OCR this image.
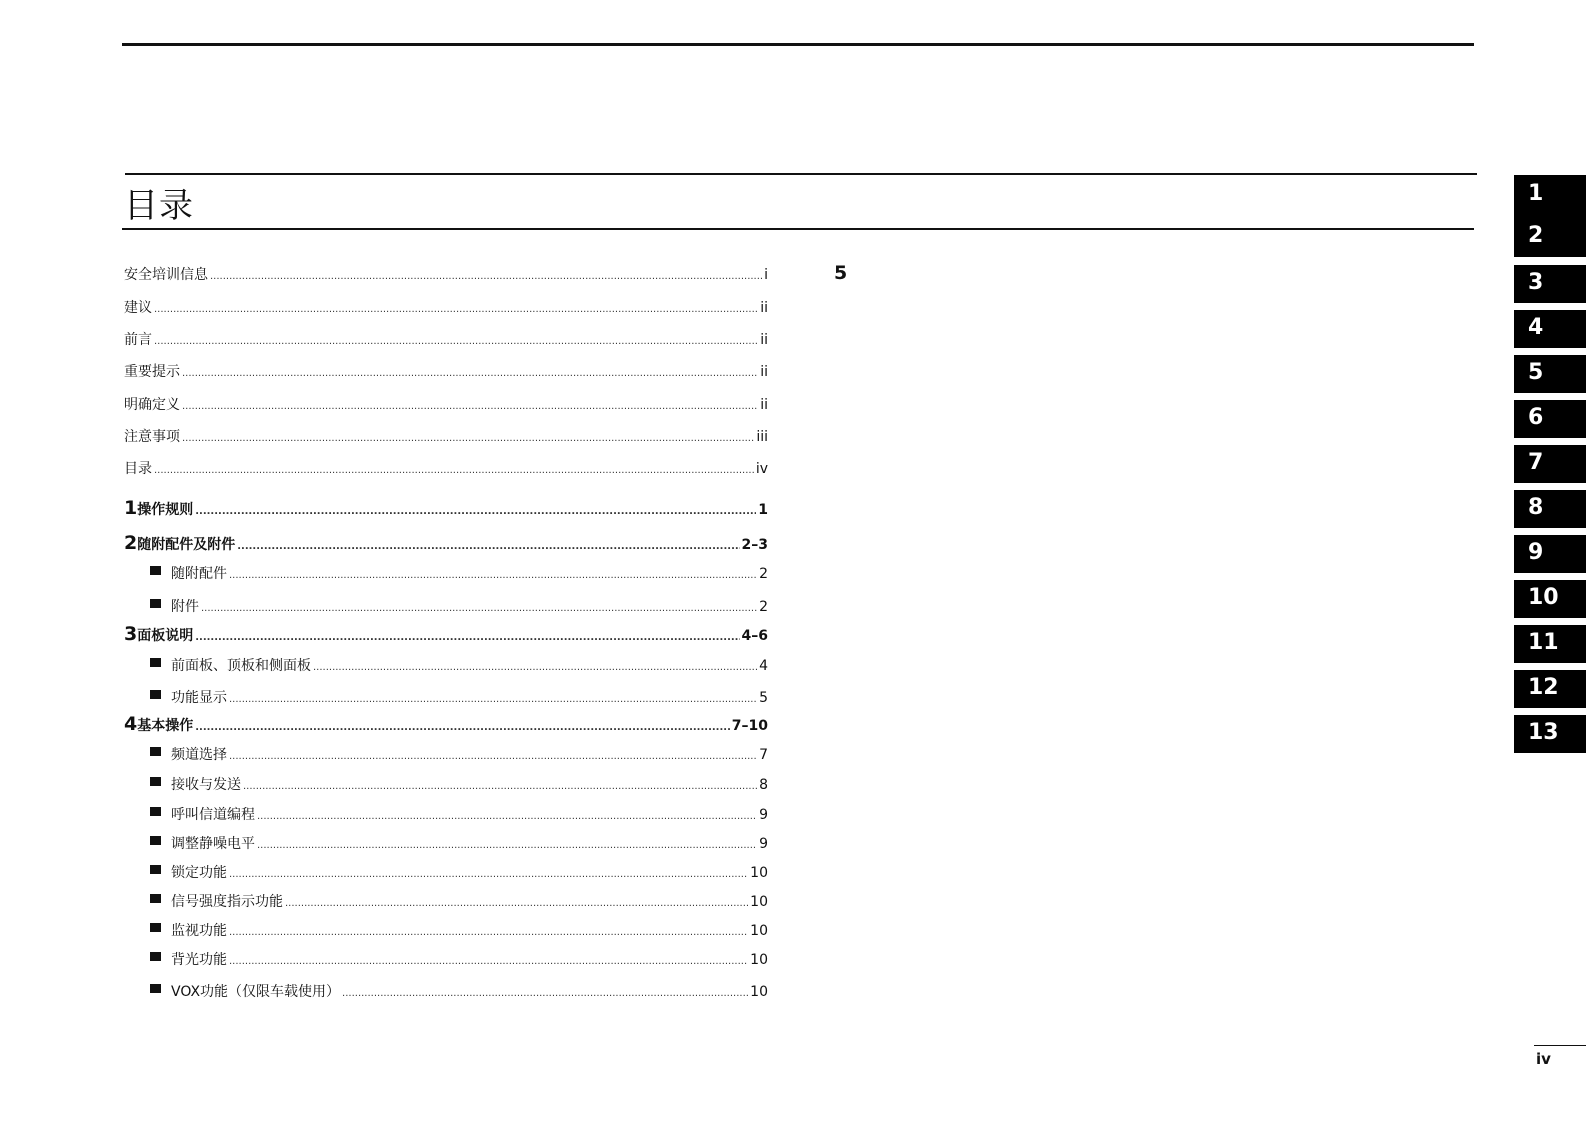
目录
安全培训信息 .....	i
建议 .....	ii
前言 .....	ii
重要提示 .....	ii
明确定义 .....	ii
注意事项 .....	iii
目录 .....	iv
1 操作规则 .....	1
2 随附配件及附件 .....	2–3
随附配件 .....	2
附件 .....	2
3 面板说明 .....	4–6
前面板、顶板和侧面板 .....	4
功能显示 .....	5
4 基本操作 .....	7–10
频道选择 .....	7
接收与发送 .....	8
呼叫信道编程 .....	9
调整静噪电平 .....	9
锁定功能 .....	10
信号强度指示功能 .....	10
监视功能 .....	10
背光功能 .....	10
VOX功能（仅限车载使用） .....	10
5
1
2
3
4
5
6
7
8
9
10
11
12
13
iv
